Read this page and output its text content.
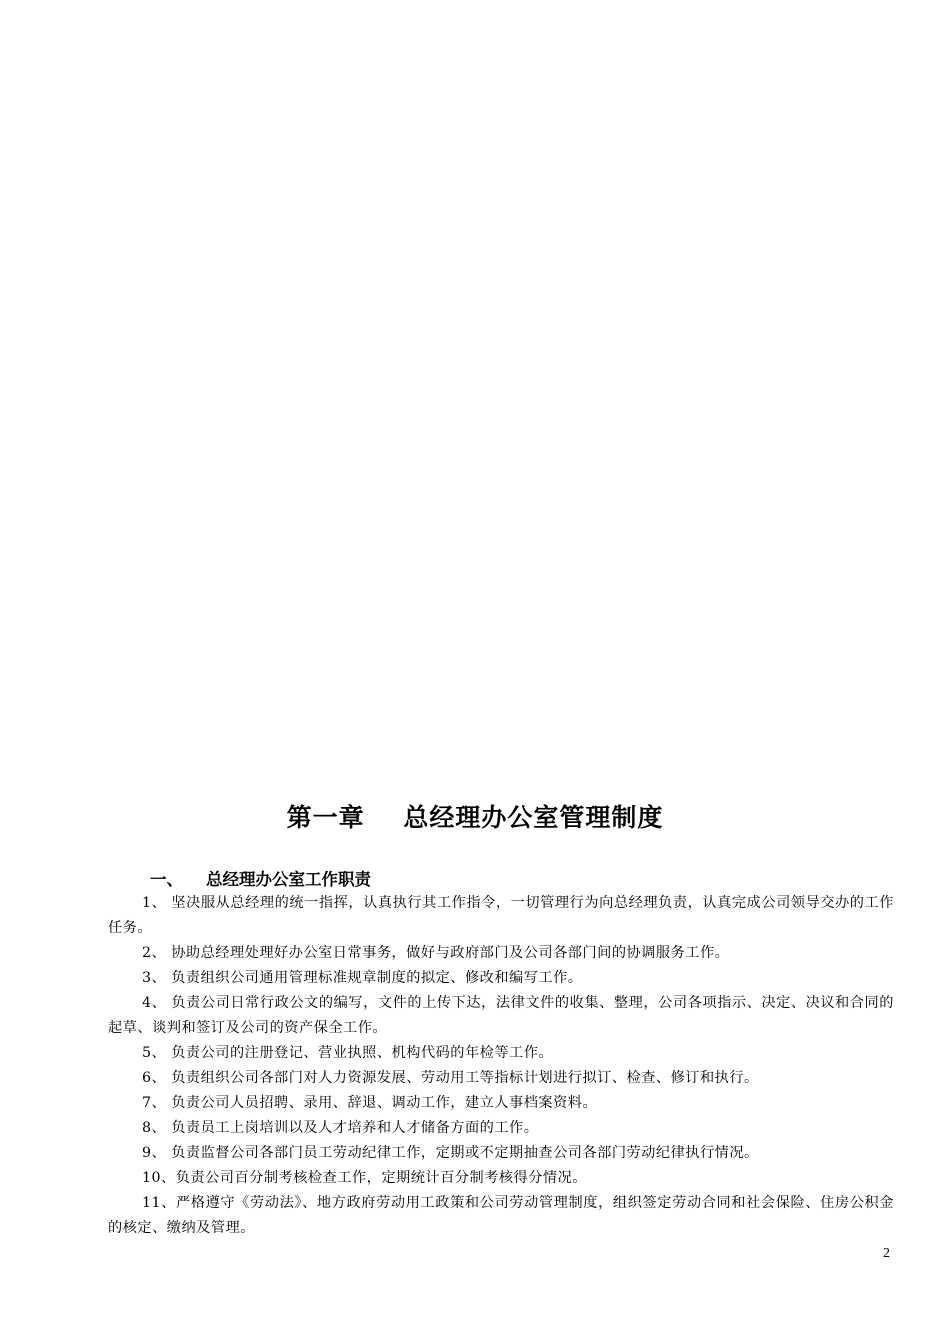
第一章    总经理办公室管理制度
一、    总经理办公室工作职责

1、 坚决服从总经理的统一指挥，认真执行其工作指令，一切管理行为向总经理负责，认真完成公司领导交办的工作任务。

2、 协助总经理处理好办公室日常事务，做好与政府部门及公司各部门间的协调服务工作。

3、 负责组织公司通用管理标准规章制度的拟定、修改和编写工作。

4、 负责公司日常行政公文的编写，文件的上传下达，法律文件的收集、整理，公司各项指示、决定、决议和合同的起草、谈判和签订及公司的资产保全工作。

5、 负责公司的注册登记、营业执照、机构代码的年检等工作。

6、 负责组织公司各部门对人力资源发展、劳动用工等指标计划进行拟订、检查、修订和执行。

7、 负责公司人员招聘、录用、辞退、调动工作，建立人事档案资料。

8、 负责员工上岗培训以及人才培养和人才储备方面的工作。

9、 负责监督公司各部门员工劳动纪律工作，定期或不定期抽查公司各部门劳动纪律执行情况。

10、负责公司百分制考核检查工作，定期统计百分制考核得分情况。

11、严格遵守《劳动法》、地方政府劳动用工政策和公司劳动管理制度，组织签定劳动合同和社会保险、住房公积金的核定、缴纳及管理。

2
